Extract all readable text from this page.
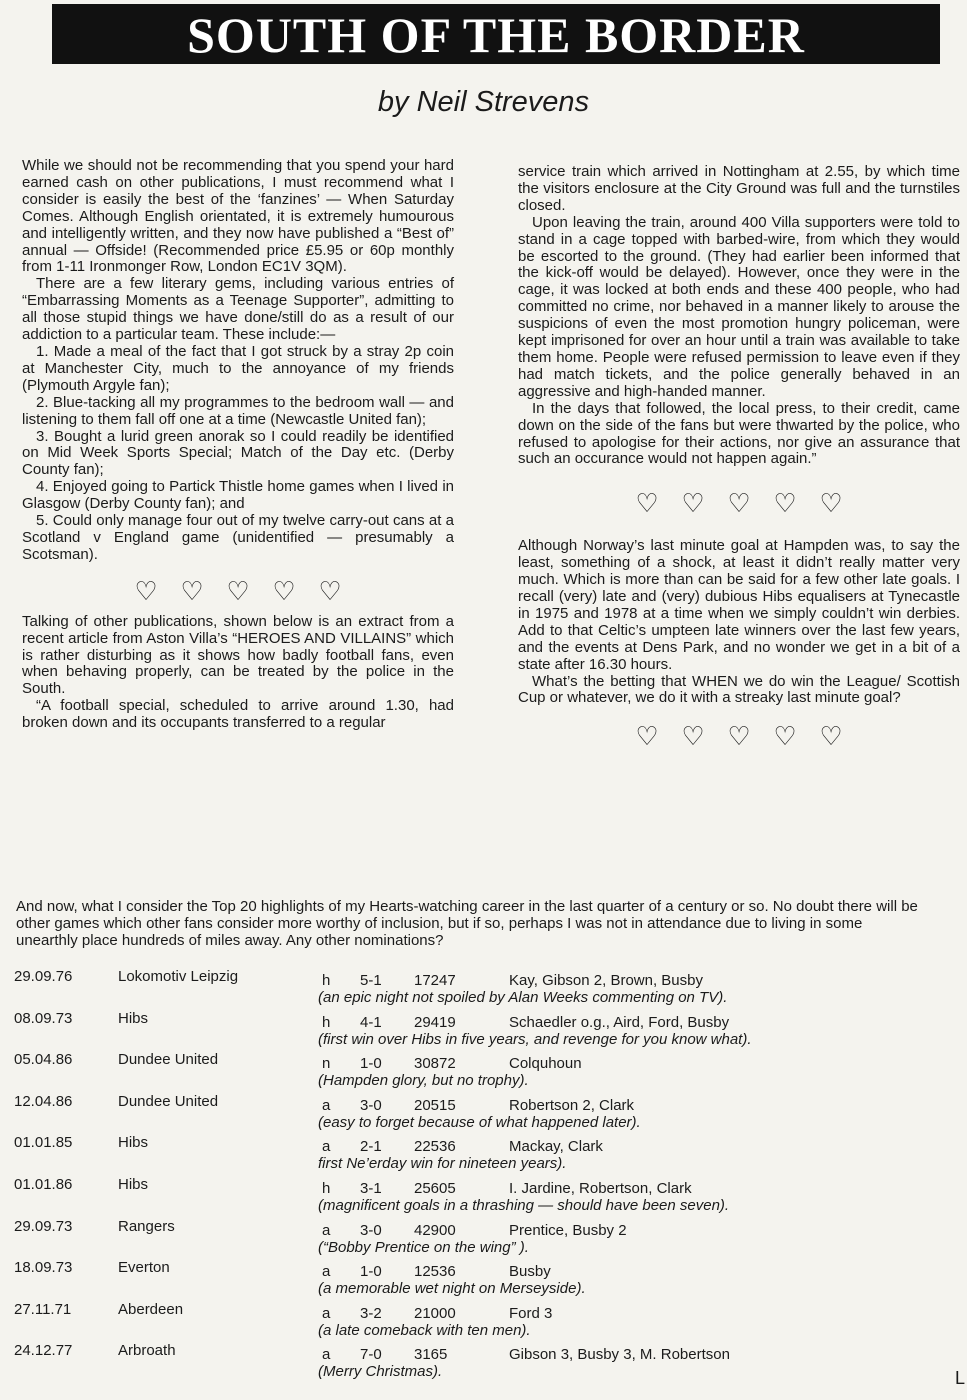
SOUTH OF THE BORDER
by Neil Strevens

While we should not be recommending that you spend your hard earned cash on other publications, I must recommend what I consider is easily the best of the ‘fanzines’ — When Saturday Comes. Although English orientated, it is extremely humourous and intelligently written, and they now have published a “Best of” annual — Offside! (Recommended price £5.95 or 60p monthly from 1-11 Ironmonger Row, London EC1V 3QM).

There are a few literary gems, including various entries of “Embarrassing Moments as a Teenage Supporter”, admitting to all those stupid things we have done/still do as a result of our addiction to a particular team. These include:—

1. Made a meal of the fact that I got struck by a stray 2p coin at Manchester City, much to the annoyance of my friends (Plymouth Argyle fan);

2. Blue-tacking all my programmes to the bedroom wall — and listening to them fall off one at a time (Newcastle United fan);

3. Bought a lurid green anorak so I could readily be identified on Mid Week Sports Special; Match of the Day etc. (Derby County fan);

4. Enjoyed going to Partick Thistle home games when I lived in Glasgow (Derby County fan); and

5. Could only manage four out of my twelve carry-out cans at a Scotland v England game (unidentified — presumably a Scotsman).

♡ ♡ ♡ ♡ ♡

Talking of other publications, shown below is an extract from a recent article from Aston Villa’s “HEROES AND VILLAINS” which is rather disturbing as it shows how badly football fans, even when behaving properly, can be treated by the police in the South.

“A football special, scheduled to arrive around 1.30, had broken down and its occupants transferred to a regular

service train which arrived in Nottingham at 2.55, by which time the visitors enclosure at the City Ground was full and the turnstiles closed.

Upon leaving the train, around 400 Villa supporters were told to stand in a cage topped with barbed-wire, from which they would be escorted to the ground. (They had earlier been informed that the kick-off would be delayed). However, once they were in the cage, it was locked at both ends and these 400 people, who had committed no crime, nor behaved in a manner likely to arouse the suspicions of even the most promotion hungry policeman, were kept imprisoned for over an hour until a train was available to take them home. People were refused permission to leave even if they had match tickets, and the police generally behaved in an aggressive and high-handed manner.

In the days that followed, the local press, to their credit, came down on the side of the fans but were thwarted by the police, who refused to apologise for their actions, nor give an assurance that such an occurance would not happen again.”

♡ ♡ ♡ ♡ ♡

Although Norway’s last minute goal at Hampden was, to say the least, something of a shock, at least it didn’t really matter very much. Which is more than can be said for a few other late goals. I recall (very) late and (very) dubious Hibs equalisers at Tynecastle in 1975 and 1978 at a time when we simply couldn’t win derbies. Add to that Celtic’s umpteen late winners over the last few years, and the events at Dens Park, and no wonder we get in a bit of a state after 16.30 hours.

What’s the betting that WHEN we do win the League/ Scottish Cup or whatever, we do it with a streaky last minute goal?

♡ ♡ ♡ ♡ ♡
And now, what I consider the Top 20 highlights of my Hearts-watching career in the last quarter of a century or so. No doubt there will be other games which other fans consider more worthy of inclusion, but if so, perhaps I was not in attendance due to living in some unearthly place hundreds of miles away. Any other nominations?
29.09.76	Lokomotiv Leipzig	h 5-1 17247	Kay, Gibson 2, Brown, Busby
(an epic night not spoiled by Alan Weeks commenting on TV).
08.09.73	Hibs	h 4-1 29419	Schaedler o.g., Aird, Ford, Busby
(first win over Hibs in five years, and revenge for you know what).
05.04.86	Dundee United	n 1-0 30872	Colquhoun
(Hampden glory, but no trophy).
12.04.86	Dundee United	a 3-0 20515	Robertson 2, Clark
(easy to forget because of what happened later).
01.01.85	Hibs	a 2-1 22536	Mackay, Clark
first Ne’erday win for nineteen years).
01.01.86	Hibs	h 3-1 25605	I. Jardine, Robertson, Clark
(magnificent goals in a thrashing — should have been seven).
29.09.73	Rangers	a 3-0 42900	Prentice, Busby 2
(“Bobby Prentice on the wing” ).
18.09.73	Everton	a 1-0 12536	Busby
(a memorable wet night on Merseyside).
27.11.71	Aberdeen	a 3-2 21000	Ford 3
(a late comeback with ten men).
24.12.77	Arbroath	a 7-0 3165	Gibson 3, Busby 3, M. Robertson
(Merry Christmas).	L
